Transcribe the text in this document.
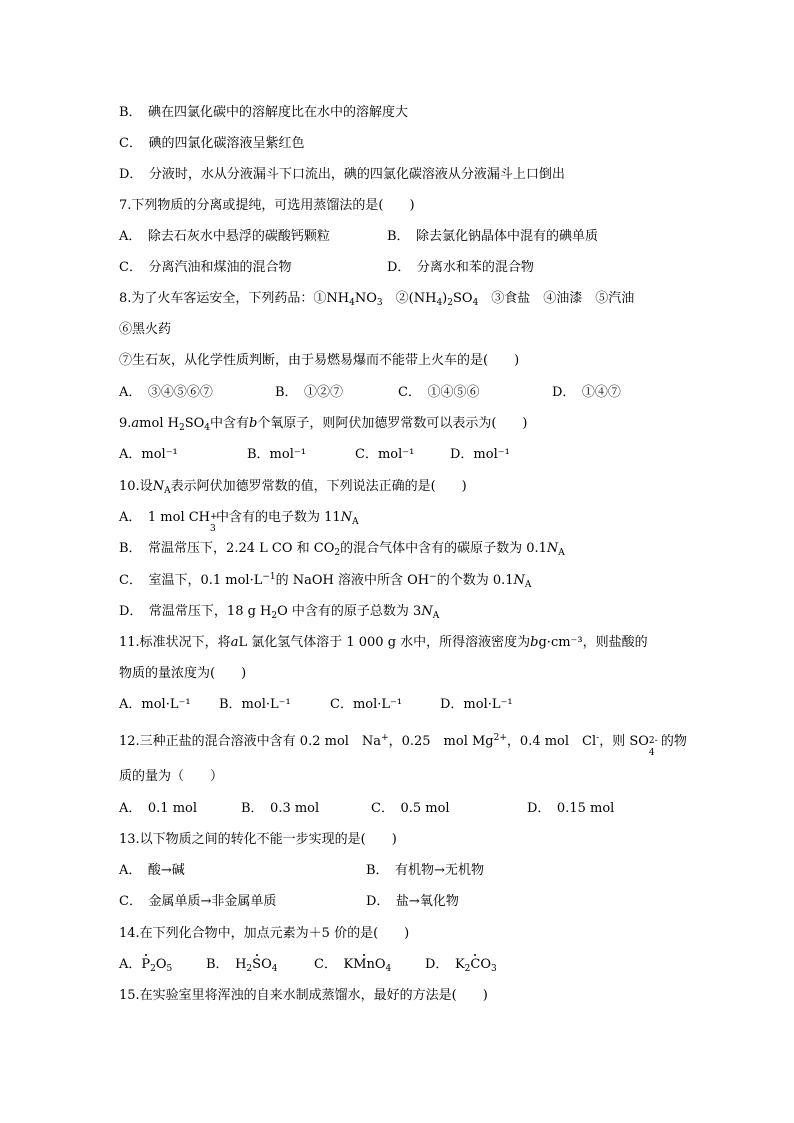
B．　碘在四氯化碳中的溶解度比在水中的溶解度大
C．　碘的四氯化碳溶液呈紫红色
D．　分液时，水从分液漏斗下口流出，碘的四氯化碳溶液从分液漏斗上口倒出
7.下列物质的分离或提纯，可选用蒸馏法的是(　　)
A．　除去石灰水中悬浮的碳酸钙颗粒	B．　除去氯化钠晶体中混有的碘单质
C．　分离汽油和煤油的混合物	D．　分离水和苯的混合物
8.为了火车客运安全，下列药品：$①NH_4NO_3$　$②(NH_4)_2SO_4$　③食盐　④油漆　⑤汽油
⑥黑火药
⑦生石灰，从化学性质判断，由于易燃易爆而不能带上火车的是(　　)
A．　③④⑤⑥⑦	B．　①②⑦	C．　①④⑤⑥	D．　①④⑦
9.amol $H_2SO_4$中含有b个氧原子，则阿伏加德罗常数可以表示为(　　)
A．mol⁻¹	B．mol⁻¹	C．mol⁻¹	D．mol⁻¹
10.设$N_A$表示阿伏加德罗常数的值，下列说法正确的是(　　)
A．　1 mol CH +
3
中含有的电子数为 $11N_A$
B．　常温常压下，2.24 L CO 和 $CO_2$的混合气体中含有的碳原子数为 $0.1N_A$
C．　室温下，0.1 $mol\cdot L^{-1}$的 NaOH 溶液中所含 OH−的个数为 $0.1N_A$
D．　常温常压下，18 g $H_2O$ 中含有的原子总数为 $3N_A$
11.标准状况下，将aL 氯化氢气体溶于 1 000 g 水中，所得溶液密度为bg·cm⁻³，则盐酸的
物质的量浓度为(　　)
A．mol·L⁻¹ B．mol·L⁻¹	C．mol·L⁻¹	D．mol·L⁻¹
12.三种正盐的混合溶液中含有 0.2 mol　Na+，0.25　mol $Mg^{2+}$，0.4 mol　Cl-，则 SO 2-
4
的物
质的量为（　　）
A．　0.1 mol	B．　0.3 mol	C．　0.5 mol	D．　0.15 mol
13.以下物质之间的转化不能一步实现的是(　　)
A．　酸→碱	B．　有机物→无机物
C．　金属单质→非金属单质	D．　盐→氧化物
14.在下列化合物中，加点元素为＋5 价的是(　　)
A．$P_2O_5$	B．　 $H_2SO_4$	C．　 KMnO$_4$	D．　 $K_2CO_3$
15.在实验室里将浑浊的自来水制成蒸馏水，最好的方法是(　　)
